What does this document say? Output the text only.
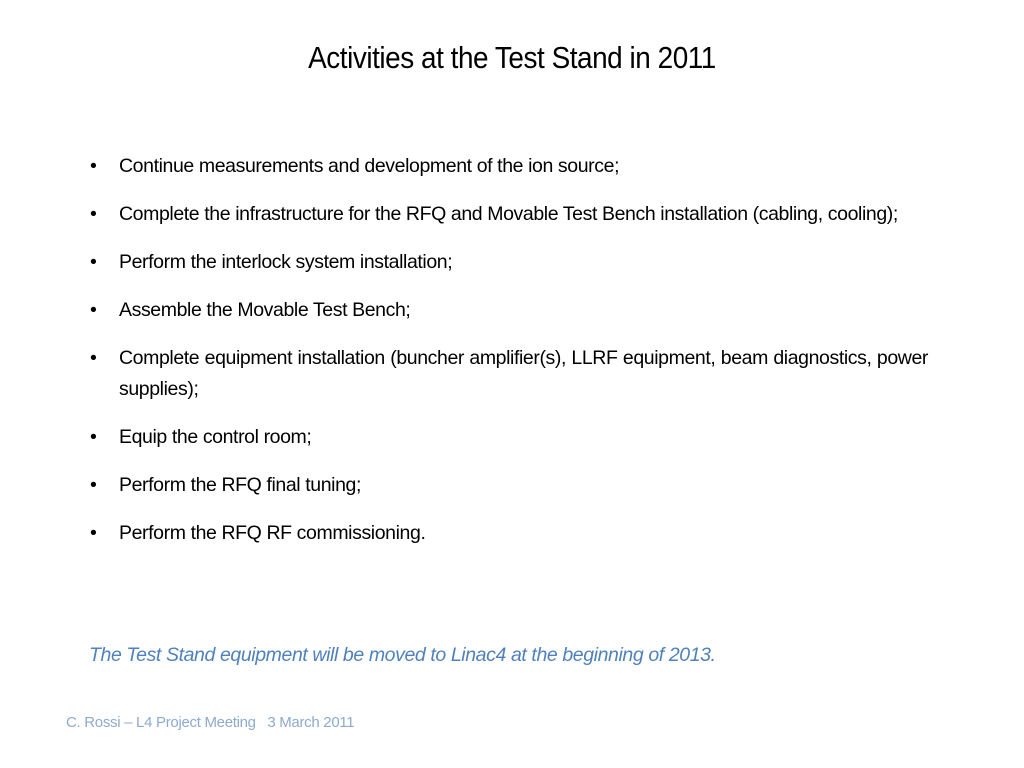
Activities at the Test Stand in 2011
•	Continue measurements and development of the ion source;
•	Complete the infrastructure for the RFQ and Movable Test Bench installation (cabling, cooling);
•	Perform the interlock system installation;
•	Assemble the Movable Test Bench;
•	Complete equipment installation (buncher amplifier(s), LLRF equipment, beam diagnostics, power supplies);
•	Equip the control room;
•	Perform the RFQ final tuning;
•	Perform the RFQ RF commissioning.
The Test Stand equipment will be moved to Linac4 at the beginning of 2013.
C. Rossi – L4 Project Meeting   3 March 2011
